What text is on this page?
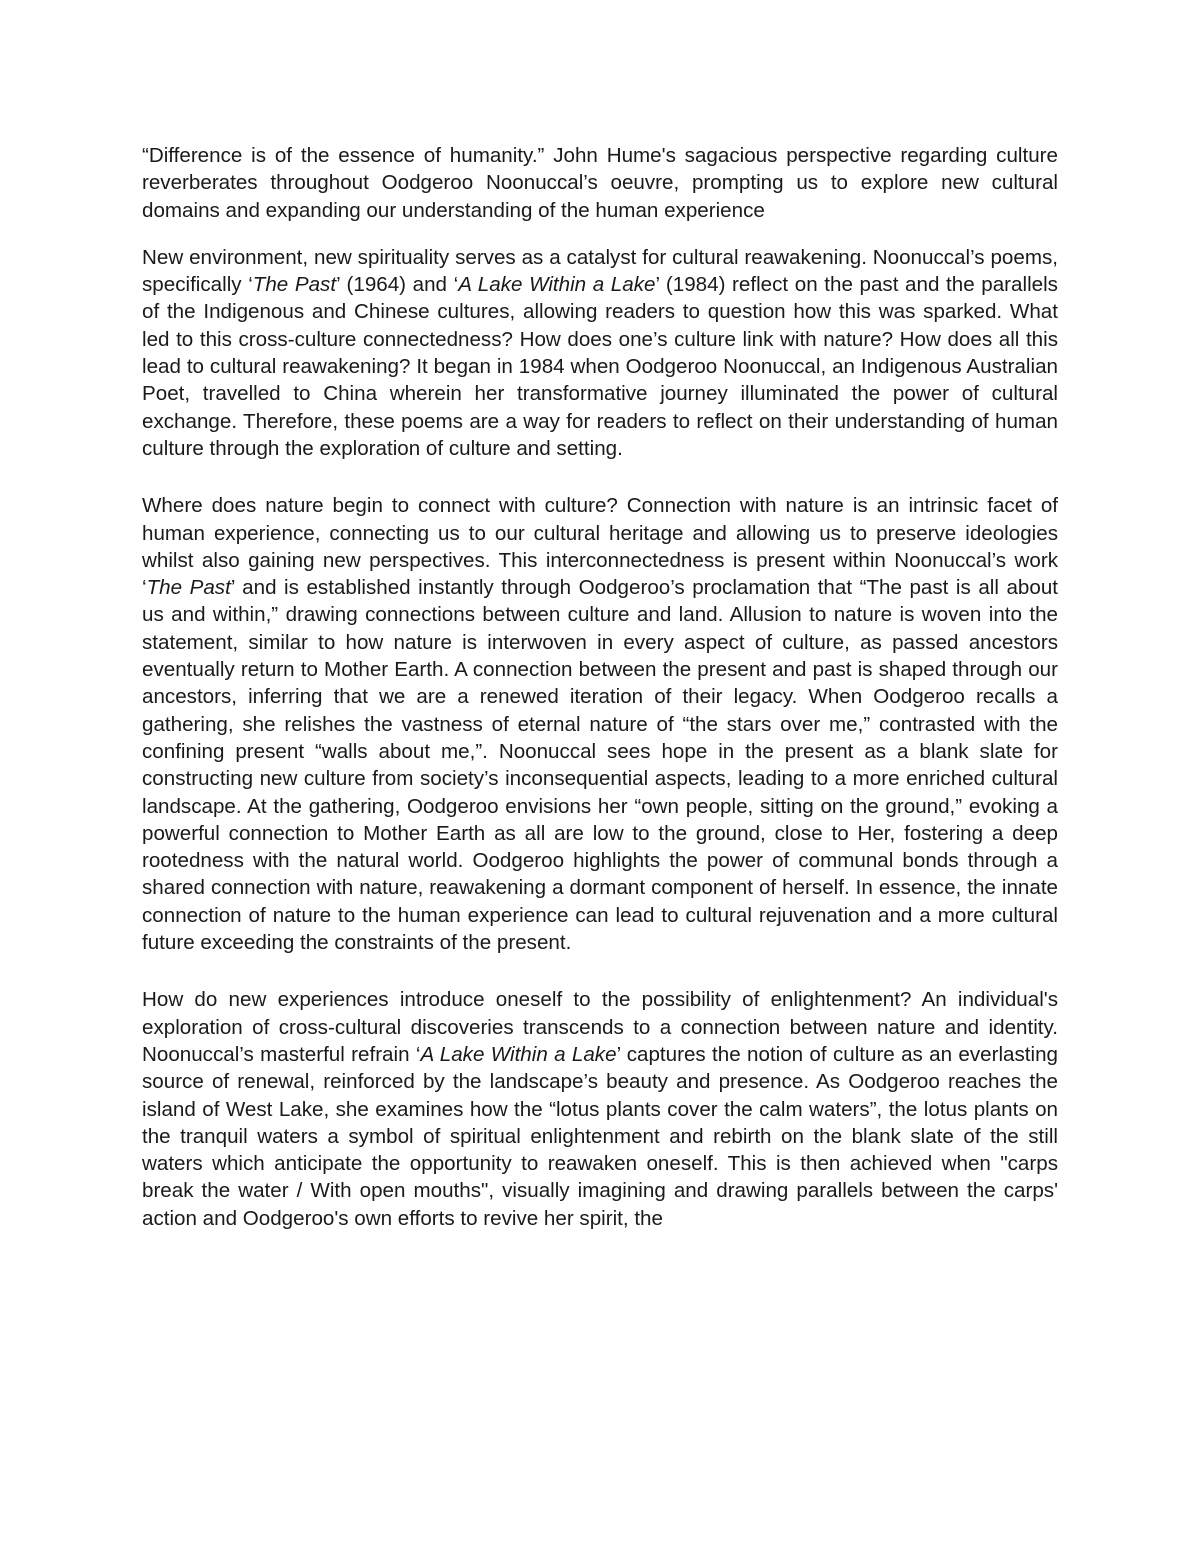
“Difference is of the essence of humanity.” John Hume's sagacious perspective regarding culture reverberates throughout Oodgeroo Noonuccal’s oeuvre, prompting us to explore new cultural domains and expanding our understanding of the human experience

New environment, new spirituality serves as a catalyst for cultural reawakening. Noonuccal’s poems, specifically ‘The Past’ (1964) and ‘A Lake Within a Lake’ (1984) reflect on the past and the parallels of the Indigenous and Chinese cultures, allowing readers to question how this was sparked. What led to this cross-culture connectedness? How does one’s culture link with nature? How does all this lead to cultural reawakening? It began in 1984 when Oodgeroo Noonuccal, an Indigenous Australian Poet, travelled to China wherein her transformative journey illuminated the power of cultural exchange. Therefore, these poems are a way for readers to reflect on their understanding of human culture through the exploration of culture and setting.

Where does nature begin to connect with culture? Connection with nature is an intrinsic facet of human experience, connecting us to our cultural heritage and allowing us to preserve ideologies whilst also gaining new perspectives. This interconnectedness is present within Noonuccal’s work ‘The Past’ and is established instantly through Oodgeroo’s proclamation that “The past is all about us and within,” drawing connections between culture and land. Allusion to nature is woven into the statement, similar to how nature is interwoven in every aspect of culture, as passed ancestors eventually return to Mother Earth. A connection between the present and past is shaped through our ancestors, inferring that we are a renewed iteration of their legacy. When Oodgeroo recalls a gathering, she relishes the vastness of eternal nature of “the stars over me,” contrasted with the confining present “walls about me,”. Noonuccal sees hope in the present as a blank slate for constructing new culture from society’s inconsequential aspects, leading to a more enriched cultural landscape. At the gathering, Oodgeroo envisions her “own people, sitting on the ground,” evoking a powerful connection to Mother Earth as all are low to the ground, close to Her, fostering a deep rootedness with the natural world. Oodgeroo highlights the power of communal bonds through a shared connection with nature, reawakening a dormant component of herself. In essence, the innate connection of nature to the human experience can lead to cultural rejuvenation and a more cultural future exceeding the constraints of the present.

How do new experiences introduce oneself to the possibility of enlightenment? An individual's exploration of cross-cultural discoveries transcends to a connection between nature and identity. Noonuccal’s masterful refrain ‘A Lake Within a Lake’ captures the notion of culture as an everlasting source of renewal, reinforced by the landscape’s beauty and presence. As Oodgeroo reaches the island of West Lake, she examines how the “lotus plants cover the calm waters”, the lotus plants on the tranquil waters a symbol of spiritual enlightenment and rebirth on the blank slate of the still waters which anticipate the opportunity to reawaken oneself. This is then achieved when "carps break the water / With open mouths", visually imagining and drawing parallels between the carps' action and Oodgeroo's own efforts to revive her spirit, the
